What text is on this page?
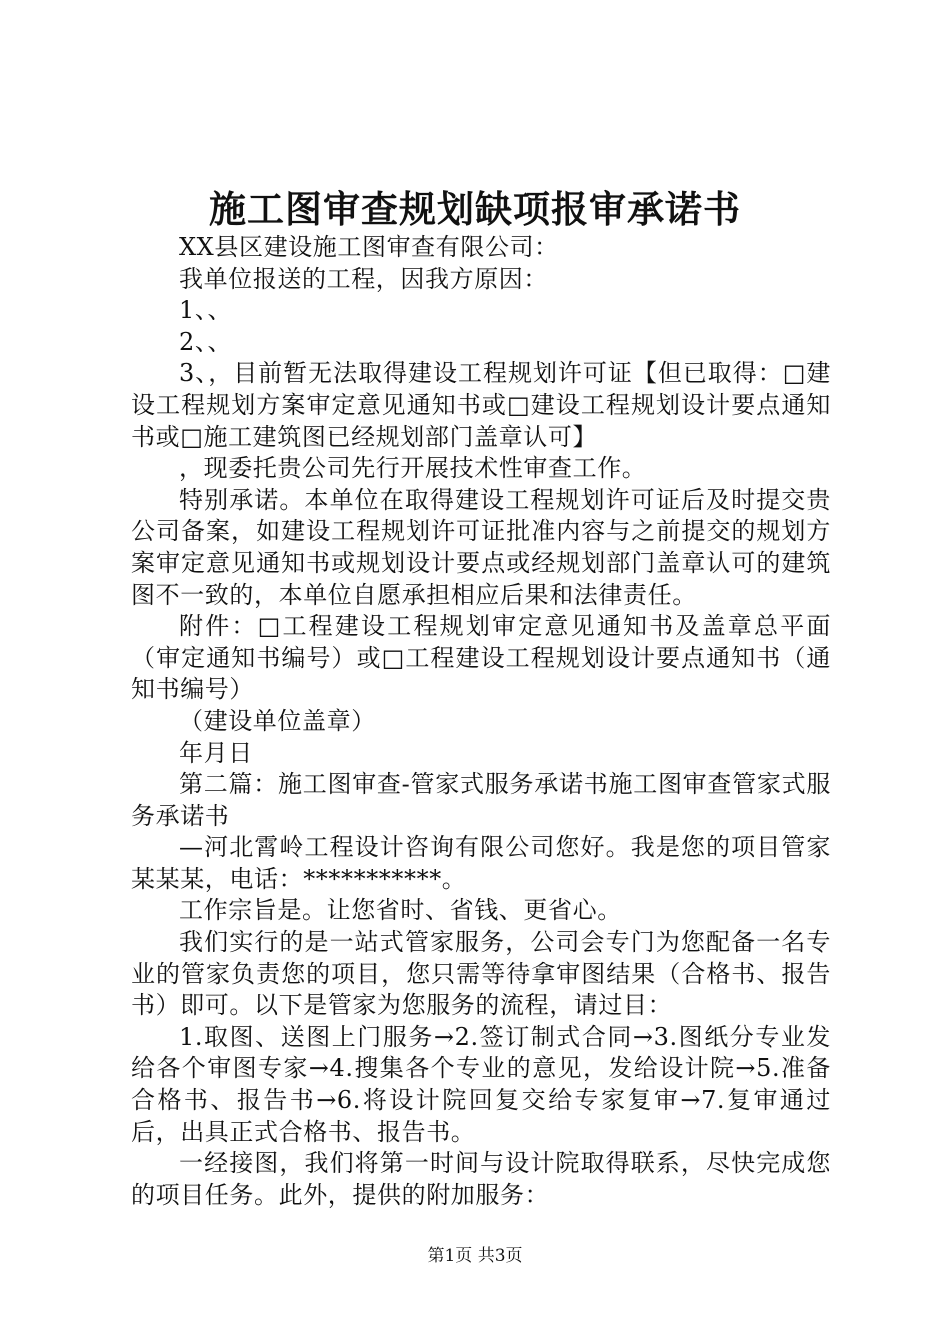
施工图审查规划缺项报审承诺书

XX县区建设施工图审查有限公司：

我单位报送的工程，因我方原因：

1、、

2、、

3、，目前暂无法取得建设工程规划许可证【但已取得：□建设工程规划方案审定意见通知书或□建设工程规划设计要点通知书或□施工建筑图已经规划部门盖章认可】

，现委托贵公司先行开展技术性审查工作。

特别承诺。本单位在取得建设工程规划许可证后及时提交贵公司备案，如建设工程规划许可证批准内容与之前提交的规划方案审定意见通知书或规划设计要点或经规划部门盖章认可的建筑图不一致的，本单位自愿承担相应后果和法律责任。

附件：□工程建设工程规划审定意见通知书及盖章总平面（审定通知书编号）或□工程建设工程规划设计要点通知书（通知书编号）

（建设单位盖章）

年月日

第二篇：施工图审查-管家式服务承诺书施工图审查管家式服务承诺书

—河北霄岭工程设计咨询有限公司您好。我是您的项目管家某某某，电话：***********。

工作宗旨是。让您省时、省钱、更省心。

我们实行的是一站式管家服务，公司会专门为您配备一名专业的管家负责您的项目，您只需等待拿审图结果（合格书、报告书）即可。以下是管家为您服务的流程，请过目：

1.取图、送图上门服务→2.签订制式合同→3.图纸分专业发给各个审图专家→4.搜集各个专业的意见，发给设计院→5.准备合格书、报告书→6.将设计院回复交给专家复审→7.复审通过后，出具正式合格书、报告书。

一经接图，我们将第一时间与设计院取得联系，尽快完成您的项目任务。此外，提供的附加服务：

第1页 共3页
